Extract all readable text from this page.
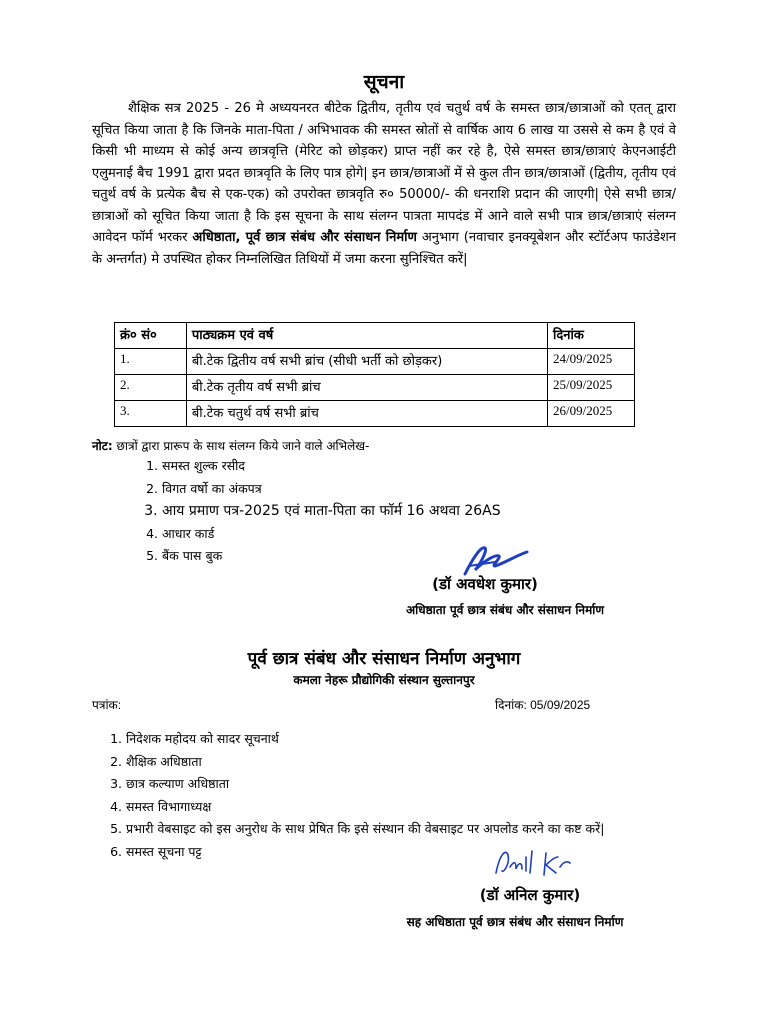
सूचना
शैक्षिक सत्र 2025 - 26 मे अध्ययनरत बीटेक द्वितीय, तृतीय एवं चतुर्थ वर्ष के समस्त छात्र/छात्राओं को एतत् द्वारा सूचित किया जाता है कि जिनके माता-पिता / अभिभावक की समस्त स्रोतों से वार्षिक आय 6 लाख या उससे से कम है एवं वे किसी भी माध्यम से कोई अन्य छात्रवृत्ति (मेरिट को छोड़कर) प्राप्त नहीं कर रहे है, ऐसे समस्त छात्र/छात्राएं केएनआईटी एलुमनाई बैच 1991 द्वारा प्रदत छात्रवृति के लिए पात्र होगे| इन छात्र/छात्राओं में से कुल तीन छात्र/छात्राओं (द्वितीय, तृतीय एवं चतुर्थ वर्ष के प्रत्येक बैच से एक-एक) को उपरोक्त छात्रवृति रु० 50000/- की धनराशि प्रदान की जाएगी| ऐसे सभी छात्र/छात्राओं को सूचित किया जाता है कि इस सूचना के साथ संलग्न पात्रता मापदंड में आने वाले सभी पात्र छात्र/छात्राएं संलग्न आवेदन फॉर्म भरकर अधिष्ठाता, पूर्व छात्र संबंध और संसाधन निर्माण अनुभाग (नवाचार इनक्यूबेशन और स्टॉर्टअप फाउंडेशन के अन्तर्गत) मे उपस्थित होकर निम्नलिखित तिथियों में जमा करना सुनिश्चित करें|
क्रं० सं०	पाठ्यक्रम एवं वर्ष	दिनांक
1.	बी.टेक द्वितीय वर्ष सभी ब्रांच (सीधी भर्ती को छोड़कर)	24/09/2025
2.	बी.टेक तृतीय वर्ष सभी ब्रांच	25/09/2025
3.	बी.टेक चतुर्थ वर्ष सभी ब्रांच	26/09/2025
नोट: छात्रों द्वारा प्रारूप के साथ संलग्न किये जाने वाले अभिलेख-
1. समस्त शुल्क रसीद
2. विगत वर्षो का अंकपत्र
3. आय प्रमाण पत्र-2025 एवं माता-पिता का फॉर्म 16 अथवा 26AS
4. आधार कार्ड
5. बैंक पास बुक
(डॉ अवधेश कुमार)
अधिष्ठाता पूर्व छात्र संबंध और संसाधन निर्माण
पूर्व छात्र संबंध और संसाधन निर्माण अनुभाग
कमला नेहरू प्रौद्योगिकी संस्थान सुल्तानपुर
पत्रांक:	दिनांक: 05/09/2025
1. निदेशक महोदय को सादर सूचनार्थ
2. शैक्षिक अधिष्ठाता
3. छात्र कल्याण अधिष्ठाता
4. समस्त विभागाध्यक्ष
5. प्रभारी वेबसाइट को इस अनुरोध के साथ प्रेषित कि इसे संस्थान की वेबसाइट पर अपलोड करने का कष्ट करें|
6. समस्त सूचना पट्ट
(डॉ अनिल कुमार)
सह अधिष्ठाता पूर्व छात्र संबंध और संसाधन निर्माण
